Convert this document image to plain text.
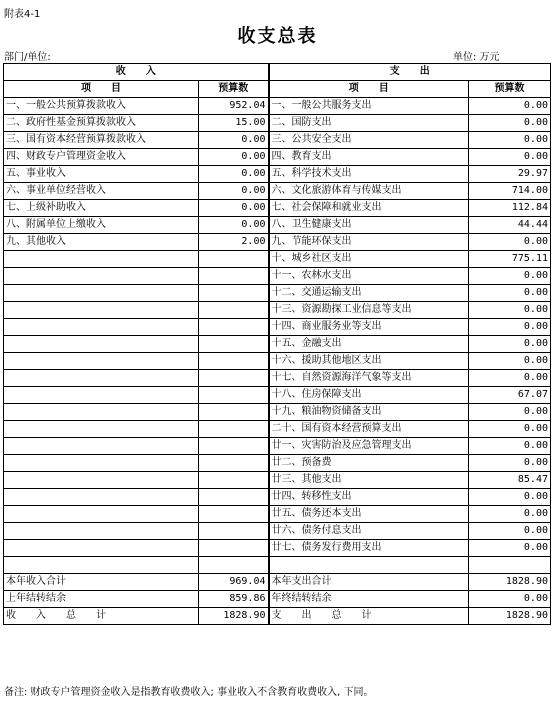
附表4-1
收支总表
部门/单位:	单位: 万元
收　　入		支　　出	
项　　目	预算数	项　　目	预算数
一、一般公共预算拨款收入	952.04	一、一般公共服务支出	0.00
二、政府性基金预算拨款收入	15.00	二、国防支出	0.00
三、国有资本经营预算拨款收入	0.00	三、公共安全支出	0.00
四、财政专户管理资金收入	0.00	四、教育支出	0.00
五、事业收入	0.00	五、科学技术支出	29.97
六、事业单位经营收入	0.00	六、文化旅游体育与传媒支出	714.00
七、上级补助收入	0.00	七、社会保障和就业支出	112.84
八、附属单位上缴收入	0.00	八、卫生健康支出	44.44
九、其他收入	2.00	九、节能环保支出	0.00
		十、城乡社区支出	775.11
		十一、农林水支出	0.00
		十二、交通运输支出	0.00
		十三、资源勘探工业信息等支出	0.00
		十四、商业服务业等支出	0.00
		十五、金融支出	0.00
		十六、援助其他地区支出	0.00
		十七、自然资源海洋气象等支出	0.00
		十八、住房保障支出	67.07
		十九、粮油物资储备支出	0.00
		二十、国有资本经营预算支出	0.00
		廿一、灾害防治及应急管理支出	0.00
		廿二、预备费	0.00
		廿三、其他支出	85.47
		廿四、转移性支出	0.00
		廿五、债务还本支出	0.00
		廿六、债务付息支出	0.00
		廿七、债务发行费用支出	0.00

本年收入合计	969.04	本年支出合计	1828.90
上年结转结余	859.86	年终结转结余	0.00
收　　入　　总　　计	1828.90	支　　出　　总　　计	1828.90
备注: 财政专户管理资金收入是指教育收费收入; 事业收入不含教育收费收入, 下同。
